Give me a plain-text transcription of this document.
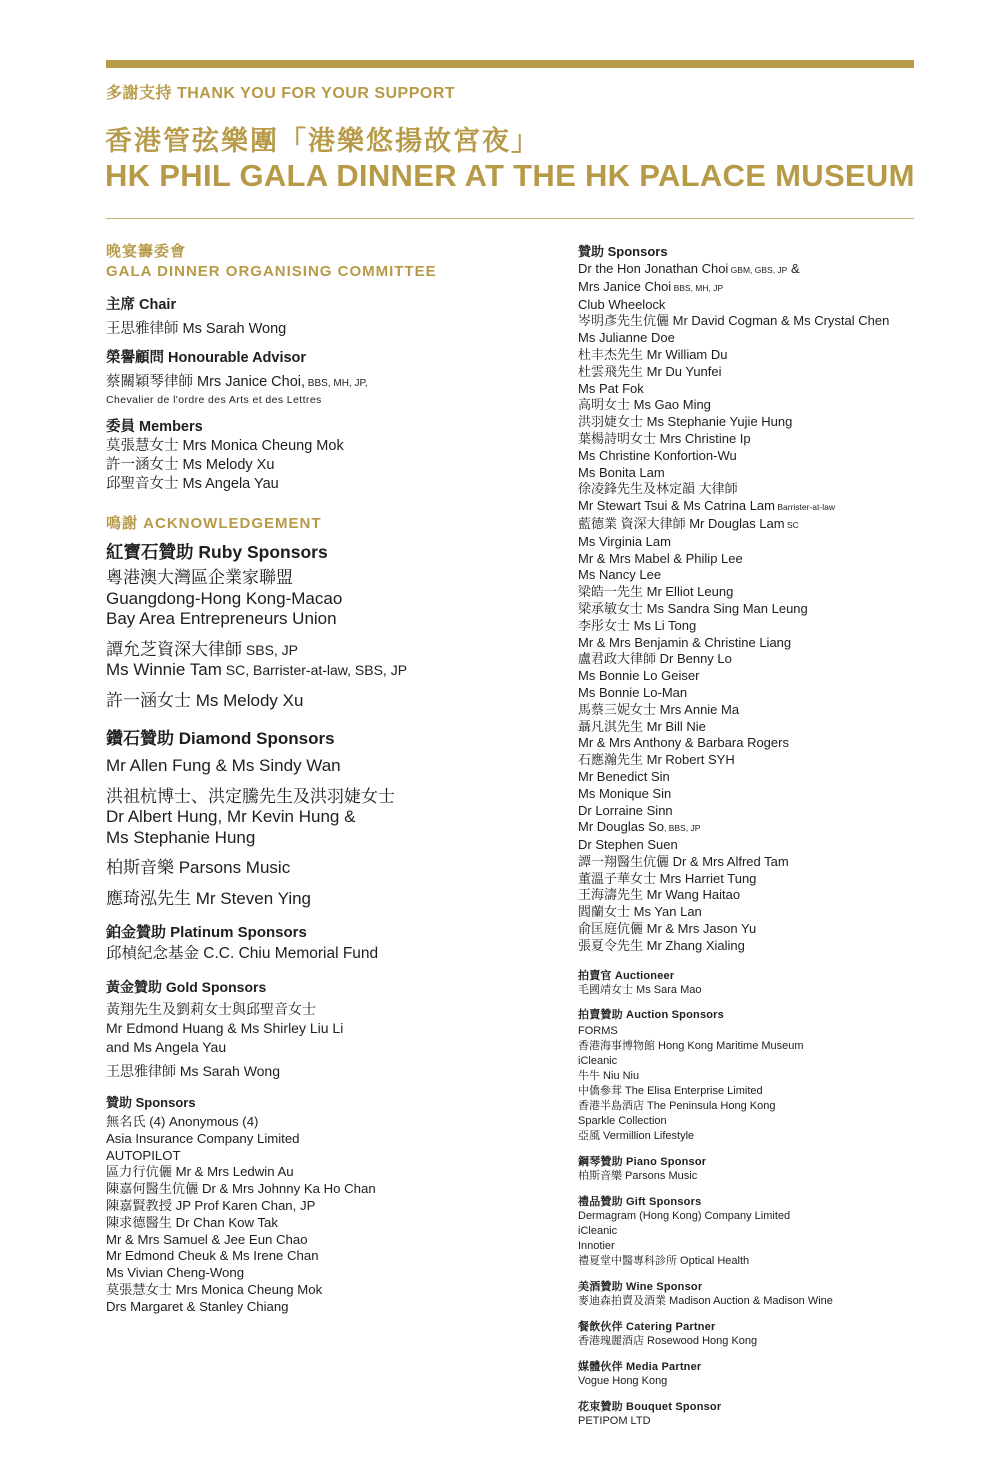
多謝支持 THANK YOU FOR YOUR SUPPORT
香港管弦樂團「港樂悠揚故宮夜」
HK PHIL GALA DINNER AT THE HK PALACE MUSEUM
晚宴籌委會
GALA DINNER ORGANISING COMMITTEE
主席 Chair
王思雅律師 Ms Sarah Wong
榮譽顧問 Honourable Advisor
蔡關穎琴律師 Mrs Janice Choi, BBS, MH, JP,
Chevalier de l'ordre des Arts et des Lettres
委員 Members
莫張慧女士 Mrs Monica Cheung Mok
許一涵女士 Ms Melody Xu
邱聖音女士 Ms Angela Yau
鳴謝 ACKNOWLEDGEMENT
紅寶石贊助 Ruby Sponsors
粵港澳大灣區企業家聯盟
Guangdong-Hong Kong-Macao
Bay Area Entrepreneurs Union
譚允芝資深大律師 SBS, JP
Ms Winnie Tam SC, Barrister-at-law, SBS, JP
許一涵女士 Ms Melody Xu
鑽石贊助 Diamond Sponsors
Mr Allen Fung & Ms Sindy Wan
洪祖杭博士、洪定騰先生及洪羽婕女士
Dr Albert Hung, Mr Kevin Hung &
Ms Stephanie Hung
柏斯音樂 Parsons Music
應琦泓先生 Mr Steven Ying
鉑金贊助 Platinum Sponsors
邱楨紀念基金 C.C. Chiu Memorial Fund
黃金贊助 Gold Sponsors
黃翔先生及劉莉女士與邱聖音女士
Mr Edmond Huang & Ms Shirley Liu Li
and Ms Angela Yau
王思雅律師 Ms Sarah Wong
贊助 Sponsors
無名氏 (4) Anonymous (4)
Asia Insurance Company Limited
AUTOPILOT
區力行伉儷 Mr & Mrs Ledwin Au
陳嘉何醫生伉儷 Dr & Mrs Johnny Ka Ho Chan
陳嘉賢教授 JP Prof Karen Chan, JP
陳求德醫生 Dr Chan Kow Tak
Mr & Mrs Samuel & Jee Eun Chao
Mr Edmond Cheuk & Ms Irene Chan
Ms Vivian Cheng-Wong
莫張慧女士 Mrs Monica Cheung Mok
Drs Margaret & Stanley Chiang
贊助 Sponsors
Dr the Hon Jonathan Choi GBM, GBS, JP &
Mrs Janice Choi BBS, MH, JP
Club Wheelock
岑明彥先生伉儷 Mr David Cogman & Ms Crystal Chen
Ms Julianne Doe
杜丰杰先生 Mr William Du
杜雲飛先生 Mr Du Yunfei
Ms Pat Fok
高明女士 Ms Gao Ming
洪羽婕女士 Ms Stephanie Yujie Hung
葉楊詩明女士 Mrs Christine Ip
Ms Christine Konfortion-Wu
Ms Bonita Lam
徐凌鋒先生及林定韻 大律師
Mr Stewart Tsui & Ms Catrina Lam Barrister-at-law
藍德業 資深大律師 Mr Douglas Lam SC
Ms Virginia Lam
Mr & Mrs Mabel & Philip Lee
Ms Nancy Lee
梁皓一先生 Mr Elliot Leung
梁承敏女士 Ms Sandra Sing Man Leung
李彤女士 Ms Li Tong
Mr & Mrs Benjamin & Christine Liang
盧君政大律師 Dr Benny Lo
Ms Bonnie Lo Geiser
Ms Bonnie Lo-Man
馬蔡三妮女士 Mrs Annie Ma
聶凡淇先生 Mr Bill Nie
Mr & Mrs Anthony & Barbara Rogers
石應瀚先生 Mr Robert SYH
Mr Benedict Sin
Ms Monique Sin
Dr Lorraine Sinn
Mr Douglas So, BBS, JP
Dr Stephen Suen
譚一翔醫生伉儷 Dr & Mrs Alfred Tam
董溫子華女士 Mrs Harriet Tung
王海濤先生 Mr Wang Haitao
閻蘭女士 Ms Yan Lan
俞匡庭伉儷 Mr & Mrs Jason Yu
張夏令先生 Mr Zhang Xialing
拍賣官 Auctioneer
毛國靖女士 Ms Sara Mao
拍賣贊助 Auction Sponsors
FORMS
香港海事博物館 Hong Kong Maritime Museum
iCleanic
牛牛 Niu Niu
中僑參茸 The Elisa Enterprise Limited
香港半島酒店 The Peninsula Hong Kong
Sparkle Collection
亞風 Vermillion Lifestyle
鋼琴贊助 Piano Sponsor
柏斯音樂 Parsons Music
禮品贊助 Gift Sponsors
Dermagram (Hong Kong) Company Limited
iCleanic
Innotier
禮夏堂中醫專科診所 Optical Health
美酒贊助 Wine Sponsor
麥迪森拍賣及酒業 Madison Auction & Madison Wine
餐飲伙伴 Catering Partner
香港瑰麗酒店 Rosewood Hong Kong
媒體伙伴 Media Partner
Vogue Hong Kong
花束贊助 Bouquet Sponsor
PETIPOM LTD
